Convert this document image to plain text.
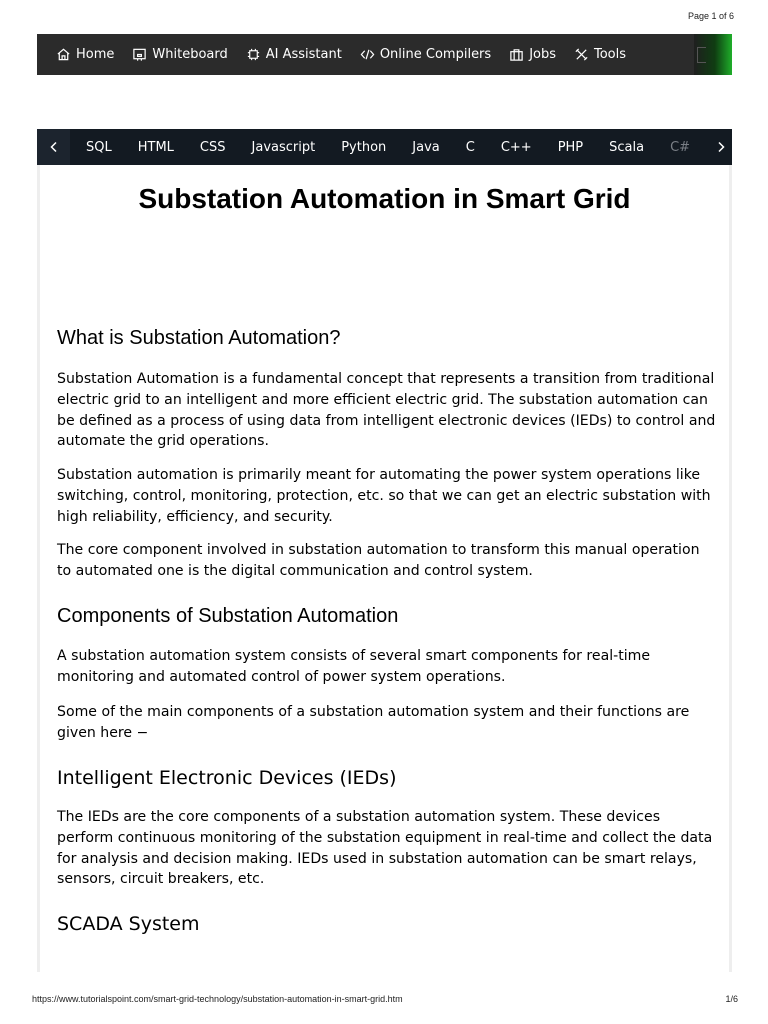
Page 1 of 6
Home	Whiteboard	AI Assistant	Online Compilers	Jobs	Tools
SQL HTML CSS Javascript Python Java C C++ PHP Scala C#
Substation Automation in Smart Grid
What is Substation Automation?

Substation Automation is a fundamental concept that represents a transition from traditional electric grid to an intelligent and more efficient electric grid. The substation automation can be defined as a process of using data from intelligent electronic devices (IEDs) to control and automate the grid operations.

Substation automation is primarily meant for automating the power system operations like switching, control, monitoring, protection, etc. so that we can get an electric substation with high reliability, efficiency, and security.

The core component involved in substation automation to transform this manual operation to automated one is the digital communication and control system.

Components of Substation Automation

A substation automation system consists of several smart components for real-time monitoring and automated control of power system operations.

Some of the main components of a substation automation system and their functions are given here −

Intelligent Electronic Devices (IEDs)

The IEDs are the core components of a substation automation system. These devices perform continuous monitoring of the substation equipment in real-time and collect the data for analysis and decision making. IEDs used in substation automation can be smart relays, sensors, circuit breakers, etc.

SCADA System
https://www.tutorialspoint.com/smart-grid-technology/substation-automation-in-smart-grid.htm	1/6
